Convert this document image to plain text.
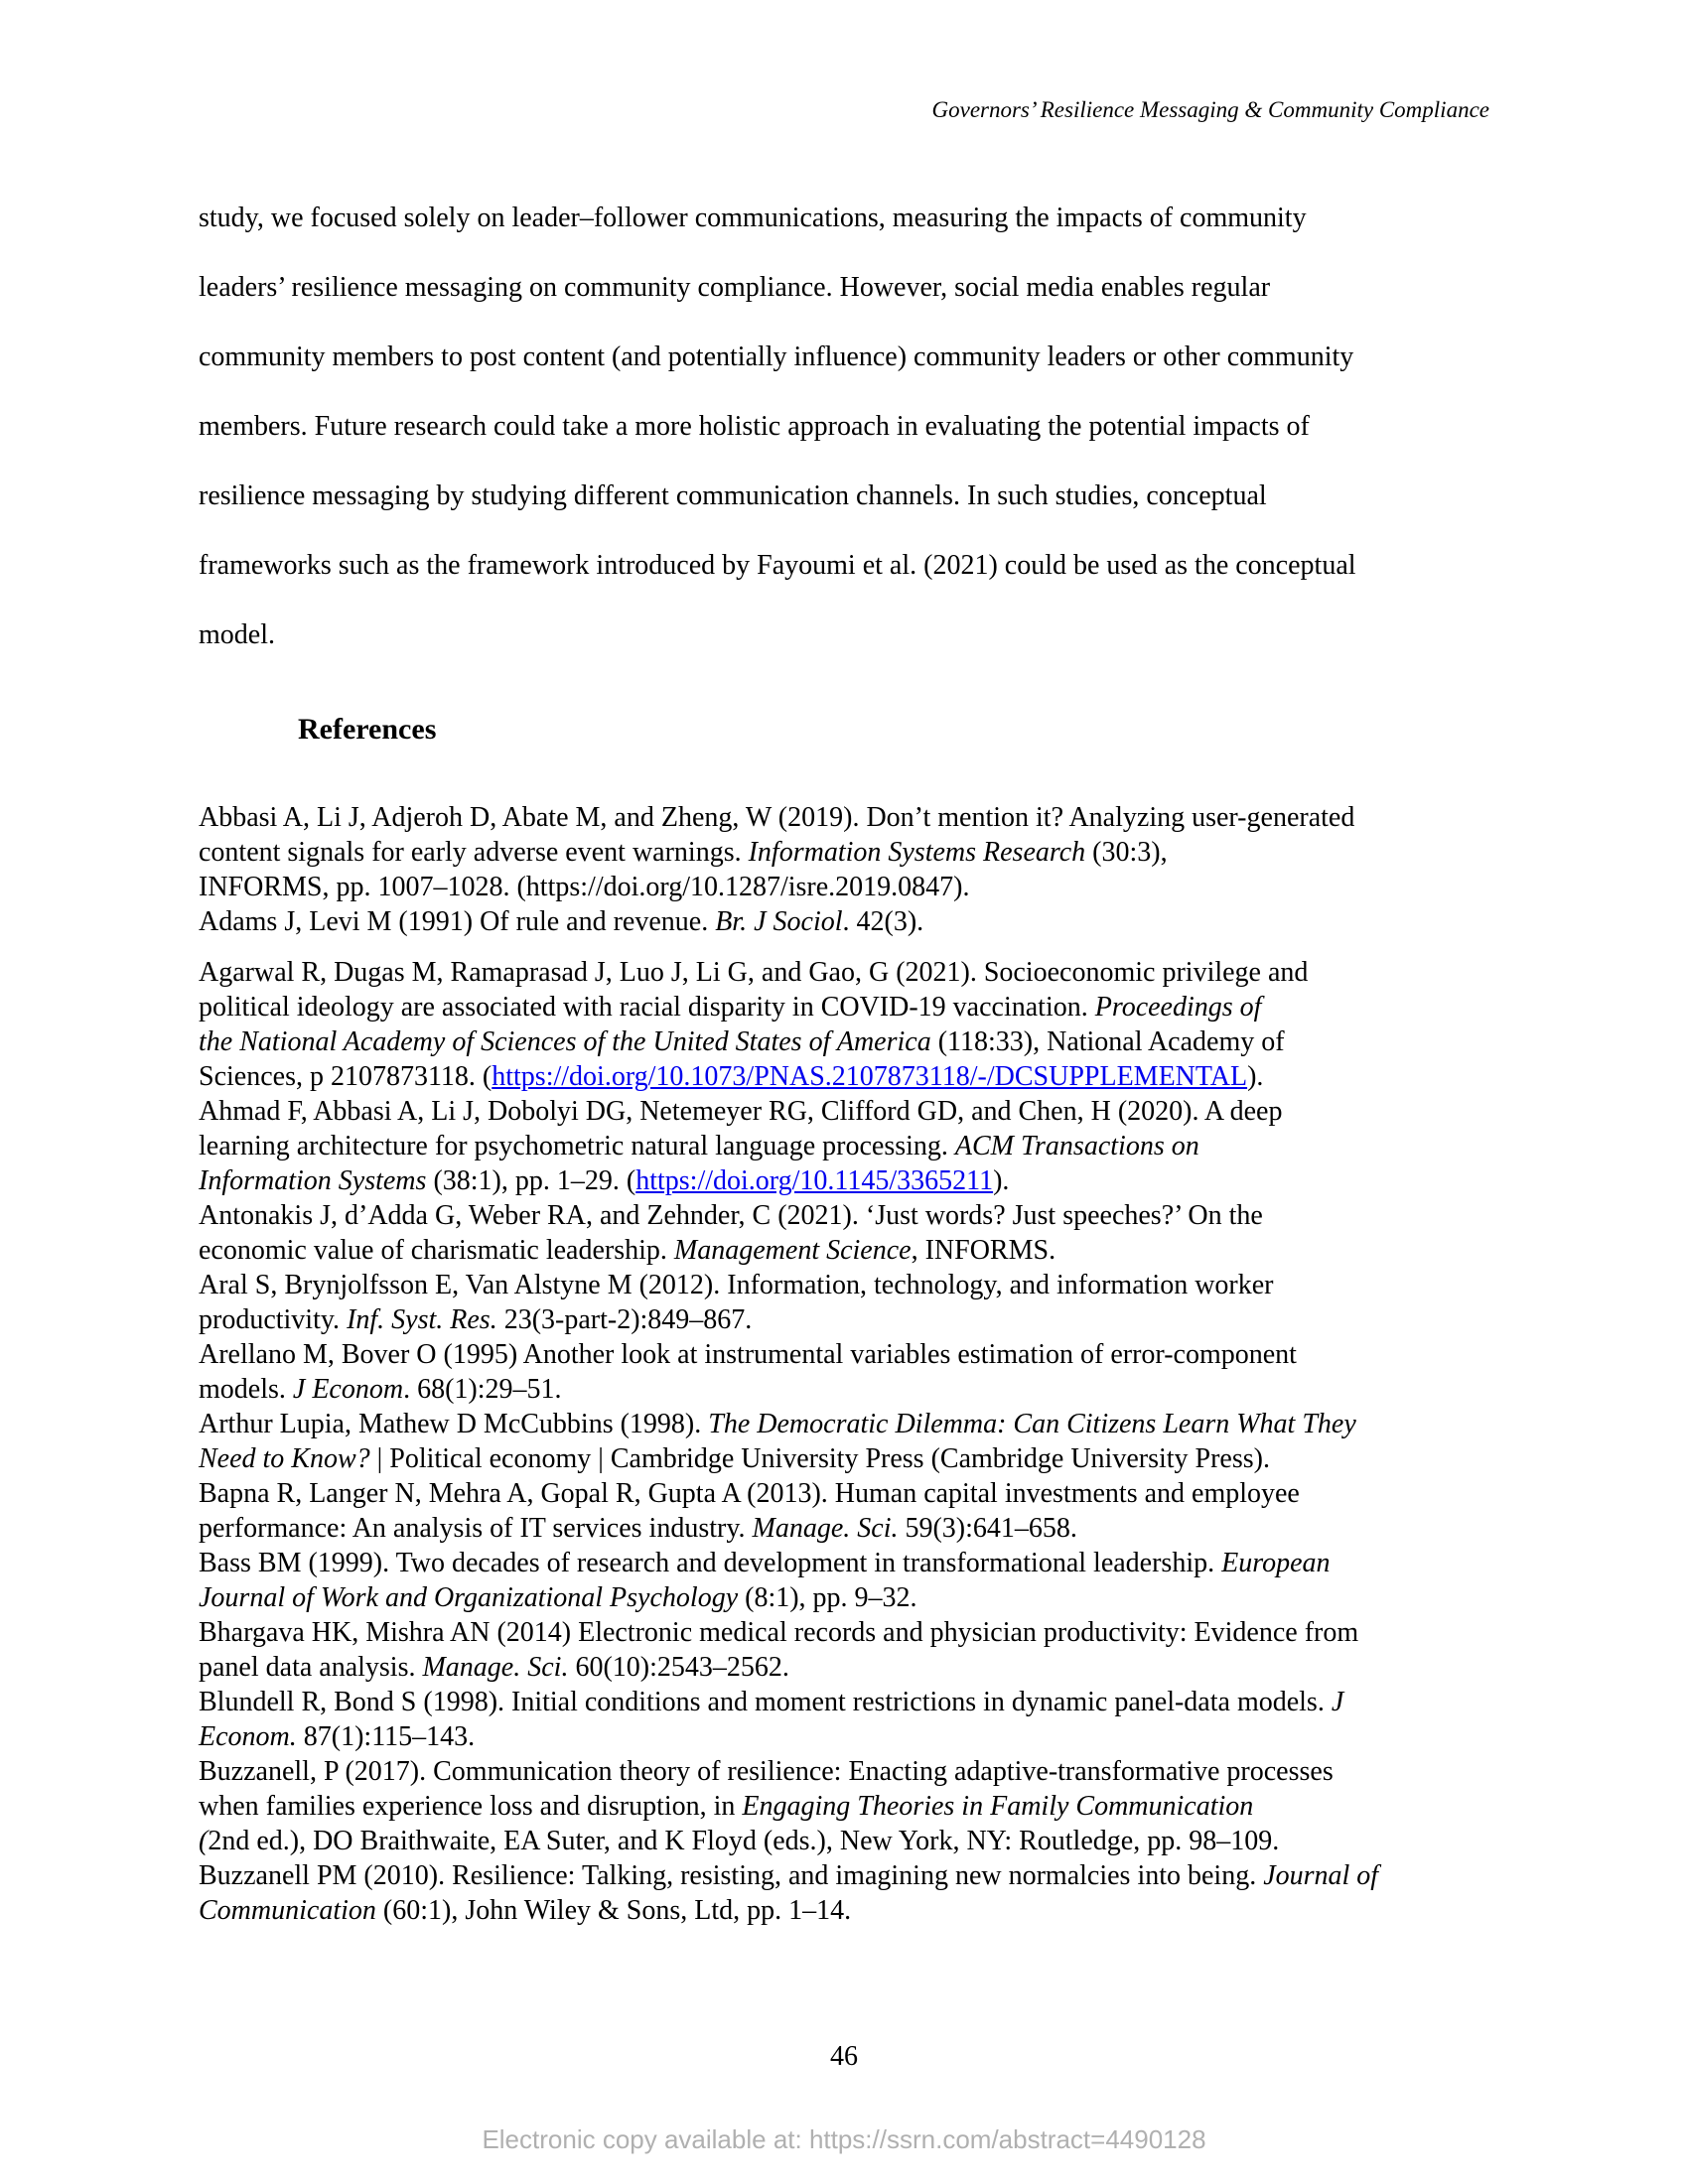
Governors’ Resilience Messaging & Community Compliance

study, we focused solely on leader–follower communications, measuring the impacts of community
leaders’ resilience messaging on community compliance. However, social media enables regular
community members to post content (and potentially influence) community leaders or other community
members. Future research could take a more holistic approach in evaluating the potential impacts of
resilience messaging by studying different communication channels. In such studies, conceptual
frameworks such as the framework introduced by Fayoumi et al. (2021) could be used as the conceptual
model.

References

Abbasi A, Li J, Adjeroh D, Abate M, and Zheng, W (2019). Don’t mention it? Analyzing user-generated
content signals for early adverse event warnings. Information Systems Research (30:3),
INFORMS, pp. 1007–1028. (https://doi.org/10.1287/isre.2019.0847).

Adams J, Levi M (1991) Of rule and revenue. Br. J Sociol. 42(3).

Agarwal R, Dugas M, Ramaprasad J, Luo J, Li G, and Gao, G (2021). Socioeconomic privilege and
political ideology are associated with racial disparity in COVID-19 vaccination. Proceedings of
the National Academy of Sciences of the United States of America (118:33), National Academy of
Sciences, p 2107873118. (https://doi.org/10.1073/PNAS.2107873118/-/DCSUPPLEMENTAL).

Ahmad F, Abbasi A, Li J, Dobolyi DG, Netemeyer RG, Clifford GD, and Chen, H (2020). A deep
learning architecture for psychometric natural language processing. ACM Transactions on
Information Systems (38:1), pp. 1–29. (https://doi.org/10.1145/3365211).

Antonakis J, d’Adda G, Weber RA, and Zehnder, C (2021). ‘Just words? Just speeches?’ On the
economic value of charismatic leadership. Management Science, INFORMS.

Aral S, Brynjolfsson E, Van Alstyne M (2012). Information, technology, and information worker
productivity. Inf. Syst. Res. 23(3-part-2):849–867.

Arellano M, Bover O (1995) Another look at instrumental variables estimation of error-component
models. J Econom. 68(1):29–51.

Arthur Lupia, Mathew D McCubbins (1998). The Democratic Dilemma: Can Citizens Learn What They
Need to Know? | Political economy | Cambridge University Press (Cambridge University Press).

Bapna R, Langer N, Mehra A, Gopal R, Gupta A (2013). Human capital investments and employee
performance: An analysis of IT services industry. Manage. Sci. 59(3):641–658.

Bass BM (1999). Two decades of research and development in transformational leadership. European
Journal of Work and Organizational Psychology (8:1), pp. 9–32.

Bhargava HK, Mishra AN (2014) Electronic medical records and physician productivity: Evidence from
panel data analysis. Manage. Sci. 60(10):2543–2562.

Blundell R, Bond S (1998). Initial conditions and moment restrictions in dynamic panel-data models. J
Econom. 87(1):115–143.

Buzzanell, P (2017). Communication theory of resilience: Enacting adaptive-transformative processes
when families experience loss and disruption, in Engaging Theories in Family Communication
(2nd ed.), DO Braithwaite, EA Suter, and K Floyd (eds.), New York, NY: Routledge, pp. 98–109.

Buzzanell PM (2010). Resilience: Talking, resisting, and imagining new normalcies into being. Journal of
Communication (60:1), John Wiley & Sons, Ltd, pp. 1–14.

46
Electronic copy available at: https://ssrn.com/abstract=4490128
